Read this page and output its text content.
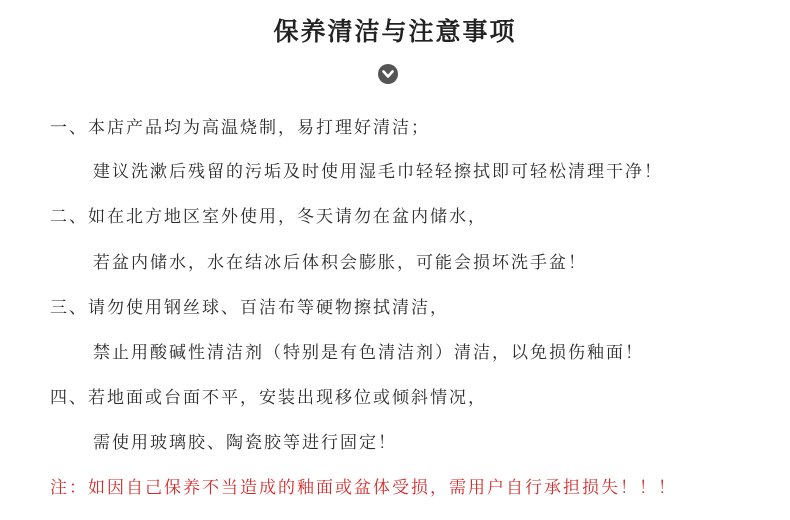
保养清洁与注意事项
一、本店产品均为高温烧制，易打理好清洁；
建议洗漱后残留的污垢及时使用湿毛巾轻轻擦拭即可轻松清理干净！
二、如在北方地区室外使用，冬天请勿在盆内储水，
若盆内储水，水在结冰后体积会膨胀，可能会损坏洗手盆！
三、请勿使用钢丝球、百洁布等硬物擦拭清洁，
禁止用酸碱性清洁剂（特别是有色清洁剂）清洁，以免损伤釉面！
四、若地面或台面不平，安装出现移位或倾斜情况，
需使用玻璃胶、陶瓷胶等进行固定！
注：如因自己保养不当造成的釉面或盆体受损，需用户自行承担损失！！！
